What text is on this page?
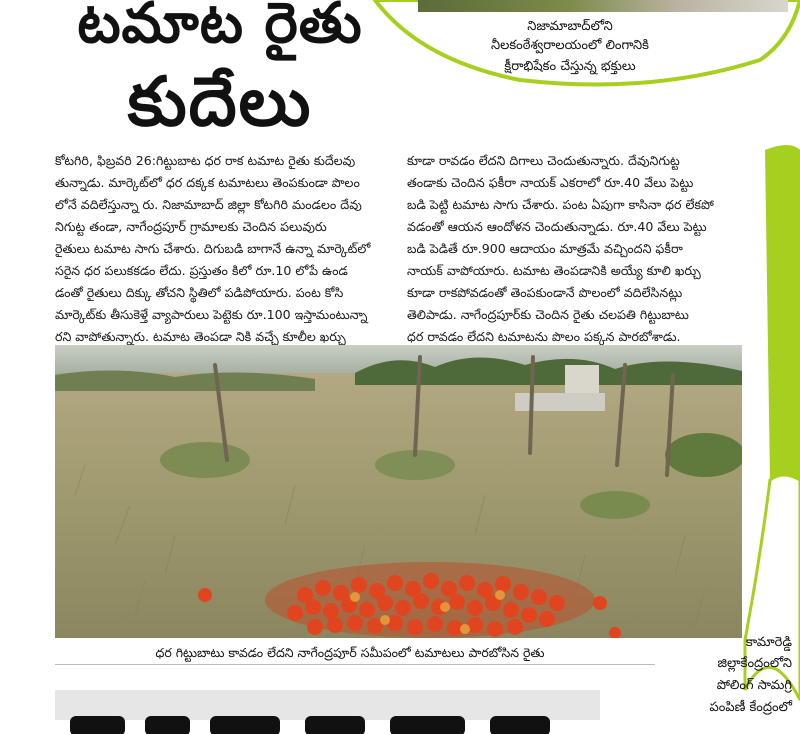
నిజామాబాద్‌లోని
నీలకంఠేశ్వరాలయంలో లింగానికి
క్షీరాభిషేకం చేస్తున్న భక్తులు
టమాట రైతు
కుదేలు
కోటగిరి, ఫిబ్రవరి 26:గిట్టుబాట ధర రాక టమాట రైతు కుదేలవు
తున్నాడు. మార్కెట్‌లో ధర దక్కక టమాటలు తెంపకుండా పొలం
లోనే వదిలేస్తున్నా రు. నిజామాబాద్ జిల్లా కోటగిరి మండలం దేవు
నిగుట్ట తండా, నాగేంద్రపూర్ గ్రామాలకు చెందిన పలువురు
రైతులు టమాట సాగు చేశారు. దిగుబడి బాగానే ఉన్నా మార్కెట్‌లో
సరైన ధర పలుకకడం లేదు. ప్రస్తుతం కిలో రూ.10 లోపే ఉండ
డంతో రైతులు దిక్కు తోచని స్థితిలో పడిపోయారు. పంట కోసి
మార్కెట్‌కు తీసుకెళ్తే వ్యాపారులు పెట్టెకు రూ.100 ఇస్తామంటున్నా
రని వాపోతున్నారు. టమాట తెంపడా నికి వచ్చే కూలీల ఖర్చు
కూడా రావడం లేదని దిగాలు చెందుతున్నారు. దేవునిగుట్ట
తండాకు చెందిన ఫకీరా నాయక్ ఎకరాలో రూ.40 వేలు పెట్టు
బడి పెట్టి టమాట సాగు చేశారు. పంట ఏపుగా కాసినా ధర లేకపో
వడంతో ఆయన ఆందోళన చెందుతున్నాడు. రూ.40 వేలు పెట్టు
బడి పెడితే రూ.900 ఆదాయం మాత్రమే వచ్చిందని ఫకీరా
నాయక్ వాపోయారు. టమాట తెంపడానికి అయ్యే కూలి ఖర్చు
కూడా రాకపోవడంతో తెంపకుండానే పొలంలో వదిలేసినట్లు
తెలిపాడు. నాగేంద్రపూర్‌కు చెందిన రైతు చలపతి గిట్టుబాటు
ధర రావడం లేదని టమాటను పొలం పక్కన పారబోశాడు.
ధర గిట్టుబాటు కావడం లేదని నాగేంద్రపూర్ సమీపంలో టమాటలు పారబోసిన రైతు
కామారెడ్డి
జిల్లాకేంద్రంలోని
పోలింగ్ సామగ్రి
పంపిణీ కేంద్రంలో
